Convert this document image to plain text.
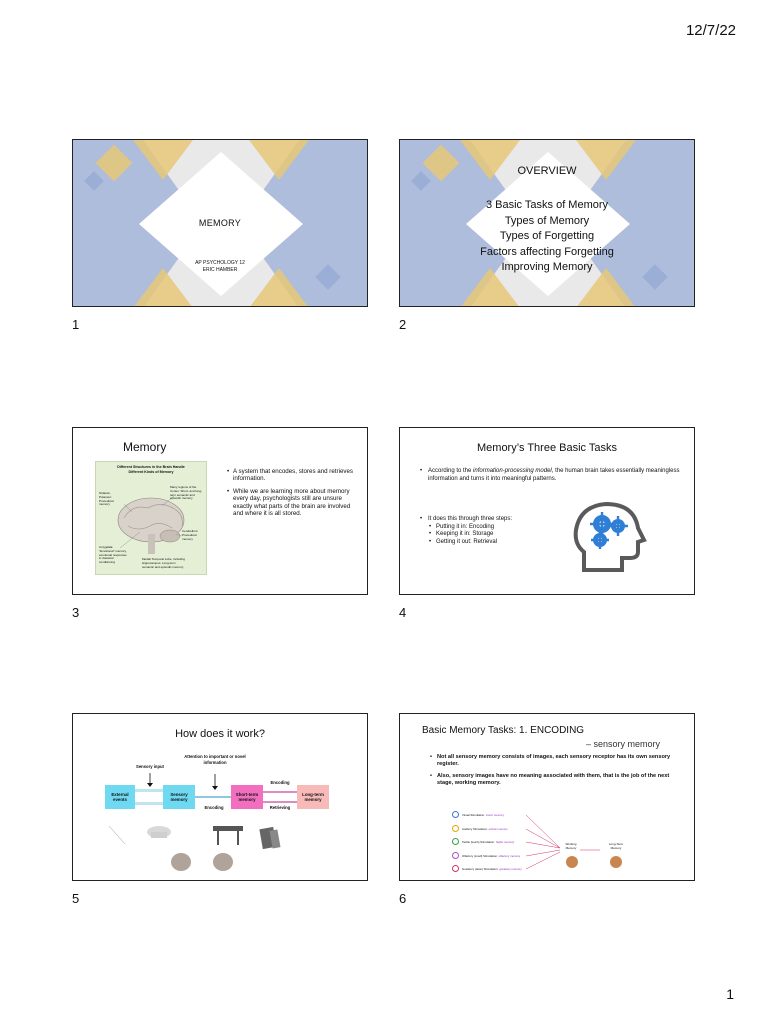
12/7/22
MEMORY
AP PSYCHOLOGY 12
ERIC HAMBER
1
OVERVIEW
3 Basic Tasks of Memory
Types of Memory
Types of Forgetting
Factors affecting Forgetting
Improving Memory
2
Memory
Different Structures in the Brain Handle
Different Kinds of Memory
Striatum, Putamen: Procedural memory
Many regions of the Cortex: Short- and long-term semantic and episodic memory
Cerebellum: Procedural memory
Amygdala: "Emotional" memory, emotional responses in classical conditioning
Medial Temporal Lobe, including Hippocampus: Long-term semantic and episodic memory
• A system that encodes, stores and retrieves information.
• While we are learning more about memory every day, psychologists still are unsure exactly what parts of the brain are involved and where it is all stored.
3
Memory’s Three Basic Tasks
• According to the information-processing model, the human brain takes essentially meaningless information and turns it into meaningful patterns.
• It does this through three steps:
• Putting it in: Encoding
• Keeping it in: Storage
• Getting it out: Retrieval
4
How does it work?
Sensory input
Attention to important or novel information
External events
Sensory memory
Short-term memory
Long-term memory
Encoding
Encoding	Retrieving
5
Basic Memory Tasks: 1. ENCODING
– sensory memory
• Not all sensory memory consists of images, each sensory receptor has its own sensory register.
• Also, sensory images have no meaning associated with them, that is the job of the next stage, working memory.
Visual Stimulation: iconic memory
Auditory Stimulation: echoic memory
Tactile (touch) Stimulation: haptic memory
Olfactory (smell) Stimulation: olfactory memory
Gustatory (taste) Stimulation: gustatory memory
Working Memory
Long-Term Memory
6
1
